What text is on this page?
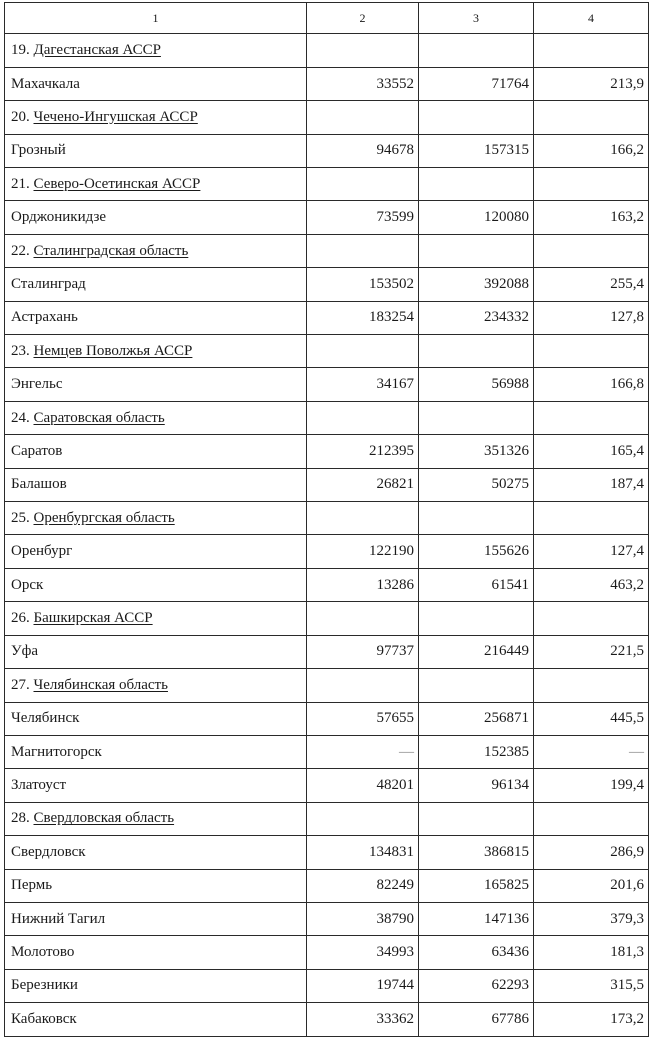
1	2	3	4
19. Дагестанская АССР			
Махачкала	33552	71764	213,9
20. Чечено-Ингушская АССР			
Грозный	94678	157315	166,2
21. Северо-Осетинская АССР			
Орджоникидзе	73599	120080	163,2
22. Сталинградская область			
Сталинград	153502	392088	255,4
Астрахань	183254	234332	127,8
23. Немцев Поволжья АССР			
Энгельс	34167	56988	166,8
24. Саратовская область			
Саратов	212395	351326	165,4
Балашов	26821	50275	187,4
25. Оренбургская область			
Оренбург	122190	155626	127,4
Орск	13286	61541	463,2
26. Башкирская АССР			
Уфа	97737	216449	221,5
27. Челябинская область			
Челябинск	57655	256871	445,5
Магнитогорск	—	152385	—
Златоуст	48201	96134	199,4
28. Свердловская область			
Свердловск	134831	386815	286,9
Пермь	82249	165825	201,6
Нижний Тагил	38790	147136	379,3
Молотово	34993	63436	181,3
Березники	19744	62293	315,5
Кабаковск	33362	67786	173,2
